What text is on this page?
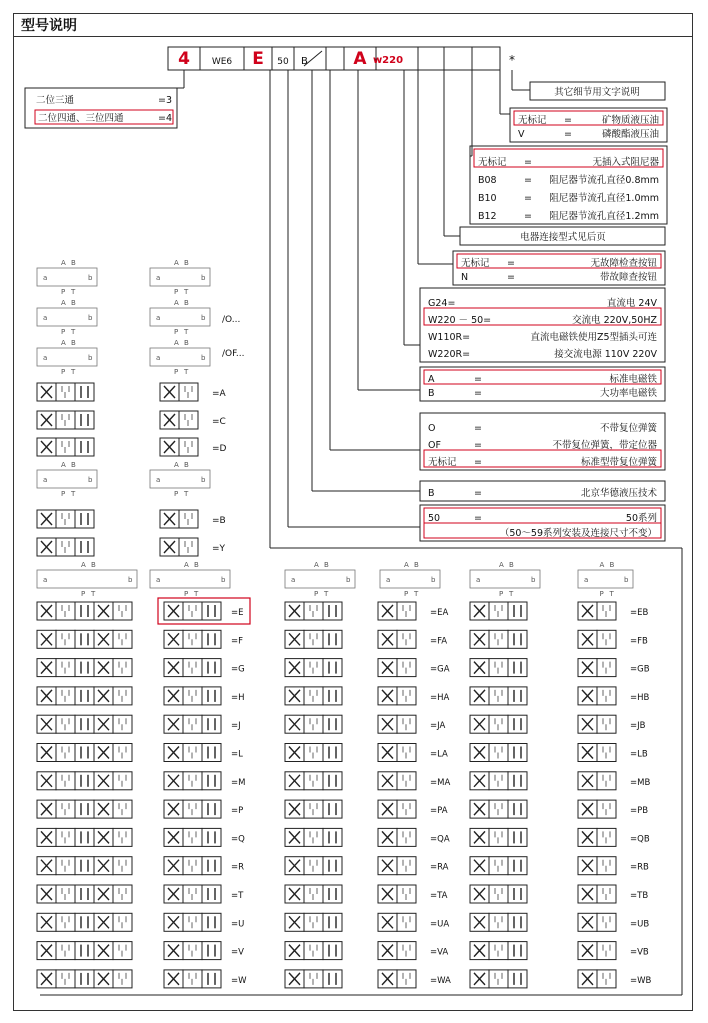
型号说明
4 WE6 E 50 B	A w220	*
二位三通	=3
二位四通、三位四通	=4
其它细节用文字说明
无标记 =	矿物质液压油
V	=	磷酸酯液压油
无标记 =	无插入式阻尼器
B08	= 阻尼器节流孔直径0.8mm
B10	= 阻尼器节流孔直径1.0mm
B12	= 阻尼器节流孔直径1.2mm
电器连接型式见后页
无标记 =	无故障检查按钮
N	=	带故障查按钮
G24=	直流电 24V
W220 － 50=	交流电 220V,50HZ
W110R=	直流电磁铁使用Z5型插头可连
W220R=	接交流电源 110V 220V
A	=	标准电磁铁
B	=	大功率电磁铁
O	=	不带复位弹簧
OF	=	不带复位弹簧，带定位器
无标记 =	标准型带复位弹簧
B	=	北京华德液压技术
50	=	50系列
（50～59系列安装及连接尺寸不变）
a	b
A B
P T
a	b
A B
P T
a	b
A B
P T
a	b
A B
P T
/O...
a	b
A B
P T
a	b
A B
P T
/OF...
=A
=C
=D
=B
=Y
a	b
A B
P T
a	b
A B
P T
a	b
A B
P T
a	b
A B
P T
a	b
A B
P T
a	b
A B
P T
a	b
A B
P T
a	b
A B
P T
=E	=EA	=EB
=F	=FA	=FB
=G	=GA	=GB
=H	=HA	=HB
=J	=JA	=JB
=L	=LA	=LB
=M	=MA	=MB
=P	=PA	=PB
=Q	=QA	=QB
=R	=RA	=RB
=T	=TA	=TB
=U	=UA	=UB
=V	=VA	=VB
=W	=WA	=WB
